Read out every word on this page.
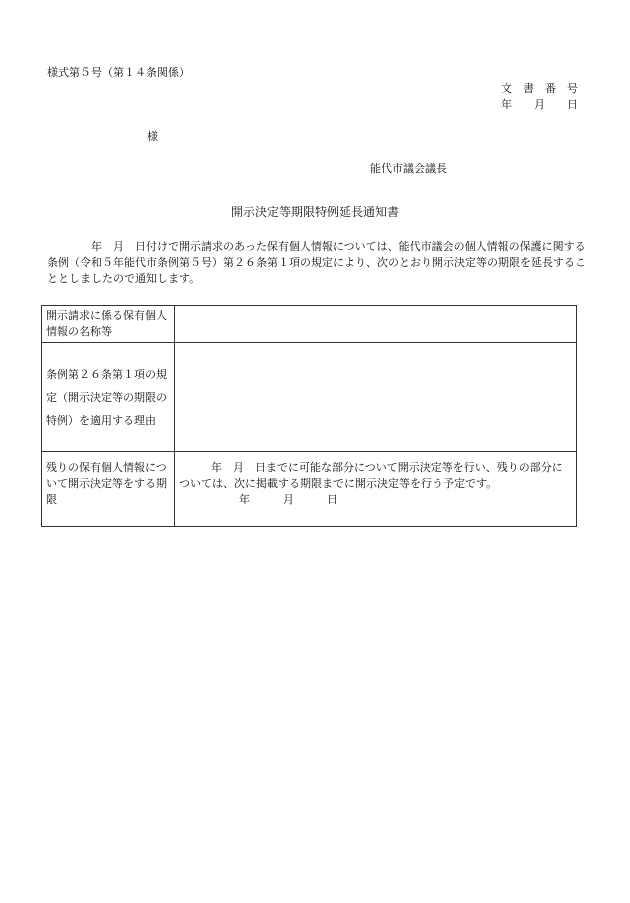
様式第５号（第１４条関係）
文　書　番　号
年　　月　　日
様
能代市議会議長
開示決定等期限特例延長通知書
年　月　日付けで開示請求のあった保有個人情報については、能代市議会の個人情報の保護に関する条例（令和５年能代市条例第５号）第２６条第１項の規定により、次のとおり開示決定等の期限を延長することとしましたので通知します。
開示請求に係る保有個人情報の名称等	
条例第２６条第１項の規定（開示決定等の期限の特例）を適用する理由	
残りの保有個人情報について開示決定等をする期限	年　月　日までに可能な部分について開示決定等を行い、残りの部分については、次に掲載する期限までに開示決定等を行う予定です。
年　　　月　　　日
